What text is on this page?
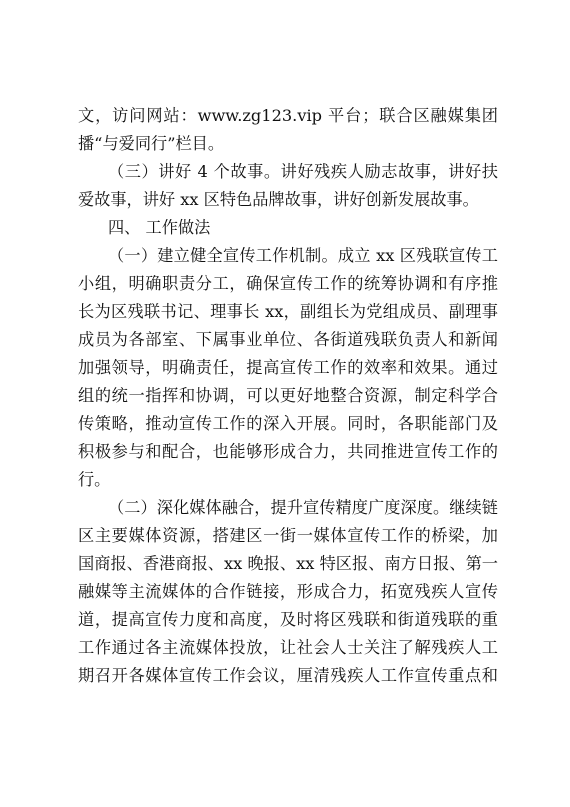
文，访问网站：www.zg123.vip 平台；联合区融媒集团
播“与爱同行”栏目。
（三）讲好 4 个故事。讲好残疾人励志故事，讲好扶
爱故事，讲好 xx 区特色品牌故事，讲好创新发展故事。
四、 工作做法
（一）建立健全宣传工作机制。成立 xx 区残联宣传工
小组，明确职责分工，确保宣传工作的统筹协调和有序推
长为区残联书记、理事长 xx，副组长为党组成员、副理事
成员为各部室、下属事业单位、各街道残联负责人和新闻
加强领导，明确责任，提高宣传工作的效率和效果。通过
组的统一指挥和协调，可以更好地整合资源，制定科学合
传策略，推动宣传工作的深入开展。同时，各职能部门及
积极参与和配合，也能够形成合力，共同推进宣传工作的
行。
（二）深化媒体融合，提升宣传精度广度深度。继续链
区主要媒体资源，搭建区一街一媒体宣传工作的桥梁，加
国商报、香港商报、xx 晚报、xx 特区报、南方日报、第一
融媒等主流媒体的合作链接，形成合力，拓宽残疾人宣传
道，提高宣传力度和高度，及时将区残联和街道残联的重
工作通过各主流媒体投放，让社会人士关注了解残疾人工
期召开各媒体宣传工作会议，厘清残疾人工作宣传重点和
